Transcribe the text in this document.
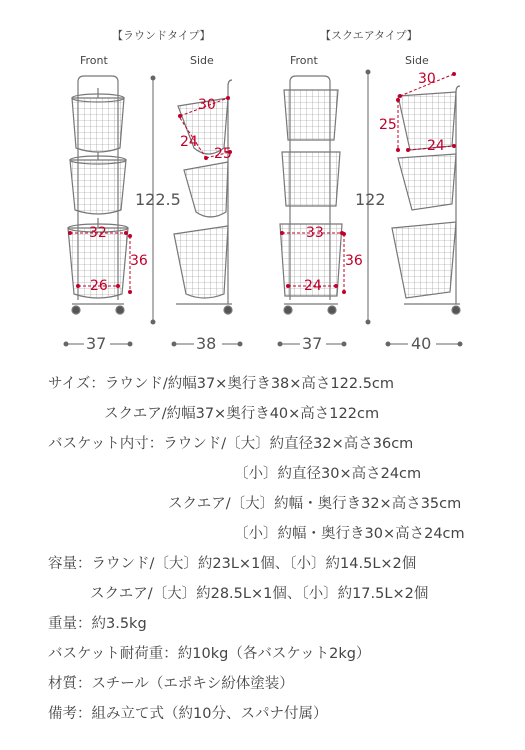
【ラウンドタイプ】	【スクエアタイプ】
Front	Side	Front	Side
122.5	122
37	38	37	40
32
36
26
30
24
25
33
36
24
30
25
24
サイズ：ラウンド/約幅37×奥行き38×高さ122.5cm
スクエア/約幅37×奥行き40×高さ122cm
バスケット内寸：ラウンド/〔大〕約直径32×高さ36cm
〔小〕約直径30×高さ24cm
スクエア/〔大〕約幅・奥行き32×高さ35cm
〔小〕約幅・奥行き30×高さ24cm
容量：ラウンド/〔大〕約23L×1個、〔小〕約14.5L×2個
スクエア/〔大〕約28.5L×1個、〔小〕約17.5L×2個
重量：約3.5kg
バスケット耐荷重：約10kg（各バスケット2kg）
材質：スチール（エポキシ紛体塗装）
備考：組み立て式（約10分、スパナ付属）
